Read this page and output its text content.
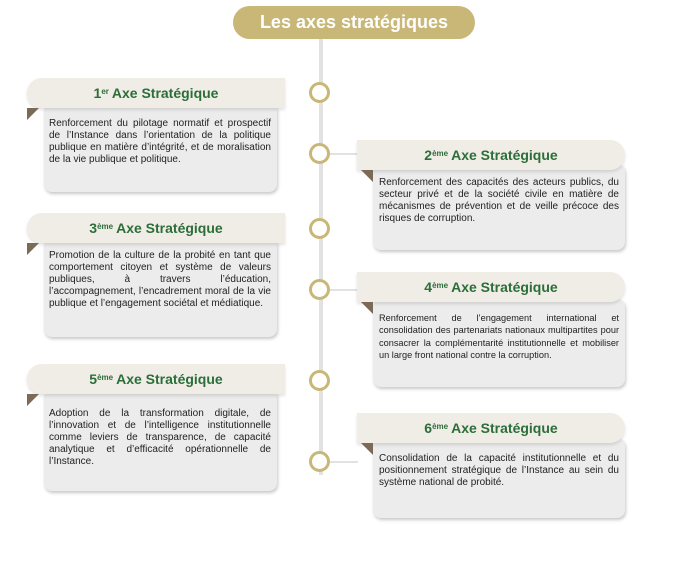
Les axes stratégiques
1er Axe Stratégique
Renforcement du pilotage normatif et prospectif de l’Instance dans l’orientation de la politique publique en matière d’intégrité, et de moralisation de la vie publique et politique.	2ème Axe Stratégique
Renforcement des capacités des acteurs publics, du secteur privé et de la société civile en matière de mécanismes de prévention et de veille précoce des risques de corruption.
3ème Axe Stratégique
Promotion de la culture de la probité en tant que comportement citoyen et système de valeurs publiques, à travers l’éducation, l’accompagnement, l’encadrement moral de la vie publique et l’engagement sociétal et médiatique.
4ème Axe Stratégique
Renforcement de l’engagement international et consolidation des partenariats nationaux multipartites pour consacrer la complémentarité institutionnelle et mobiliser un large front national contre la corruption.
5ème Axe Stratégique
Adoption de la transformation digitale, de l’innovation et de l’intelligence institutionnelle comme leviers de transparence, de capacité analytique et d’efficacité opérationnelle de l’Instance.
6ème Axe Stratégique
Consolidation de la capacité institutionnelle et du positionnement stratégique de l’Instance au sein du système national de probité.
